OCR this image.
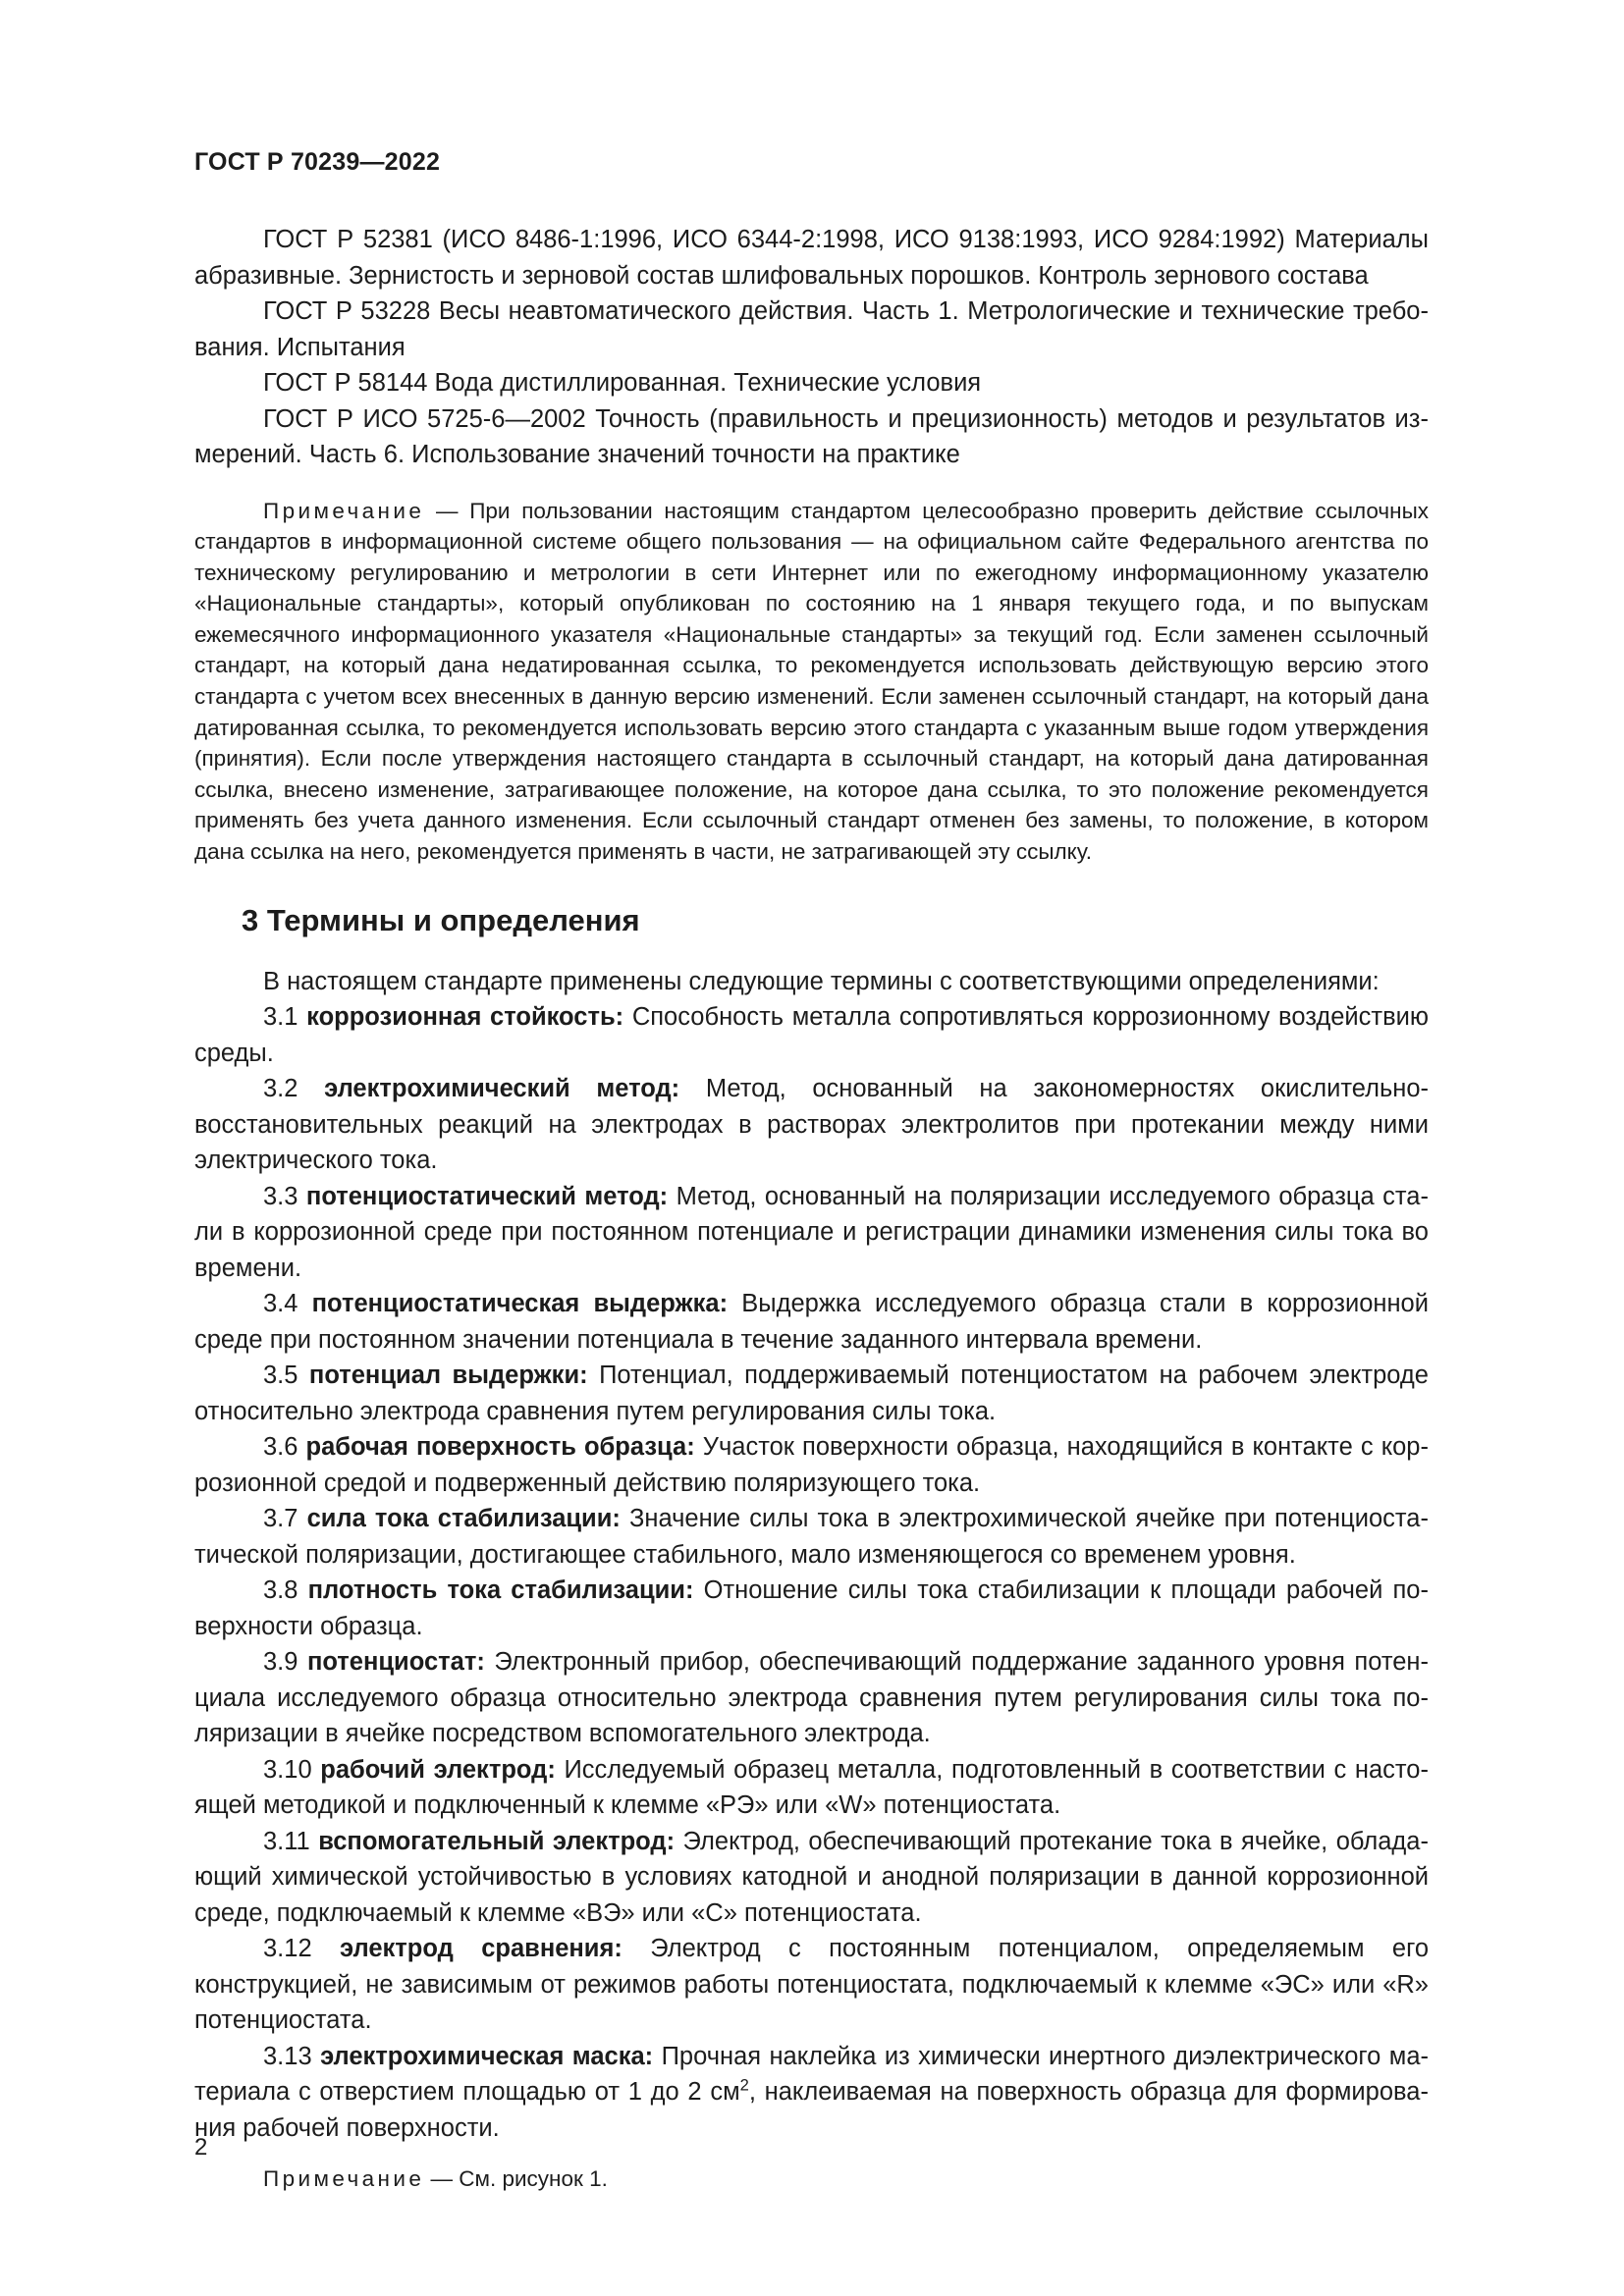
ГОСТ Р 70239—2022

ГОСТ Р 52381 (ИСО 8486-1:1996, ИСО 6344-2:1998, ИСО 9138:1993, ИСО 9284:1992) Материалы абразивные. Зернистость и зерновой состав шлифовальных порошков. Контроль зернового состава

ГОСТ Р 53228 Весы неавтоматического действия. Часть 1. Метрологические и технические требования. Испытания

ГОСТ Р 58144 Вода дистиллированная. Технические условия

ГОСТ Р ИСО 5725-6—2002 Точность (правильность и прецизионность) методов и результатов измерений. Часть 6. Использование значений точности на практике

Примечание — При пользовании настоящим стандартом целесообразно проверить действие ссылочных стандартов в информационной системе общего пользования — на официальном сайте Федерального агентства по техническому регулированию и метрологии в сети Интернет или по ежегодному информационному указателю «Национальные стандарты», который опубликован по состоянию на 1 января текущего года, и по выпускам ежемесячного информационного указателя «Национальные стандарты» за текущий год. Если заменен ссылочный стандарт, на который дана недатированная ссылка, то рекомендуется использовать действующую версию этого стандарта с учетом всех внесенных в данную версию изменений. Если заменен ссылочный стандарт, на который дана датированная ссылка, то рекомендуется использовать версию этого стандарта с указанным выше годом утверждения (принятия). Если после утверждения настоящего стандарта в ссылочный стандарт, на который дана датированная ссылка, внесено изменение, затрагивающее положение, на которое дана ссылка, то это положение рекомендуется применять без учета данного изменения. Если ссылочный стандарт отменен без замены, то положение, в котором дана ссылка на него, рекомендуется применять в части, не затрагивающей эту ссылку.

3 Термины и определения

В настоящем стандарте применены следующие термины с соответствующими определениями:

3.1 коррозионная стойкость: Способность металла сопротивляться коррозионному воздействию среды.

3.2 электрохимический метод: Метод, основанный на закономерностях окислительно-восстановительных реакций на электродах в растворах электролитов при протекании между ними электрического тока.

3.3 потенциостатический метод: Метод, основанный на поляризации исследуемого образца стали в коррозионной среде при постоянном потенциале и регистрации динамики изменения силы тока во времени.

3.4 потенциостатическая выдержка: Выдержка исследуемого образца стали в коррозионной среде при постоянном значении потенциала в течение заданного интервала времени.

3.5 потенциал выдержки: Потенциал, поддерживаемый потенциостатом на рабочем электроде относительно электрода сравнения путем регулирования силы тока.

3.6 рабочая поверхность образца: Участок поверхности образца, находящийся в контакте с коррозионной средой и подверженный действию поляризующего тока.

3.7 сила тока стабилизации: Значение силы тока в электрохимической ячейке при потенциостатической поляризации, достигающее стабильного, мало изменяющегося со временем уровня.

3.8 плотность тока стабилизации: Отношение силы тока стабилизации к площади рабочей поверхности образца.

3.9 потенциостат: Электронный прибор, обеспечивающий поддержание заданного уровня потенциала исследуемого образца относительно электрода сравнения путем регулирования силы тока поляризации в ячейке посредством вспомогательного электрода.

3.10 рабочий электрод: Исследуемый образец металла, подготовленный в соответствии с настоящей методикой и подключенный к клемме «РЭ» или «W» потенциостата.

3.11 вспомогательный электрод: Электрод, обеспечивающий протекание тока в ячейке, обладающий химической устойчивостью в условиях катодной и анодной поляризации в данной коррозионной среде, подключаемый к клемме «ВЭ» или «С» потенциостата.

3.12 электрод сравнения: Электрод с постоянным потенциалом, определяемым его конструкцией, не зависимым от режимов работы потенциостата, подключаемый к клемме «ЭС» или «R» потенциостата.

3.13 электрохимическая маска: Прочная наклейка из химически инертного диэлектрического материала с отверстием площадью от 1 до 2 $см^2$, наклеиваемая на поверхность образца для формирования рабочей поверхности.

Примечание — См. рисунок 1.

2
